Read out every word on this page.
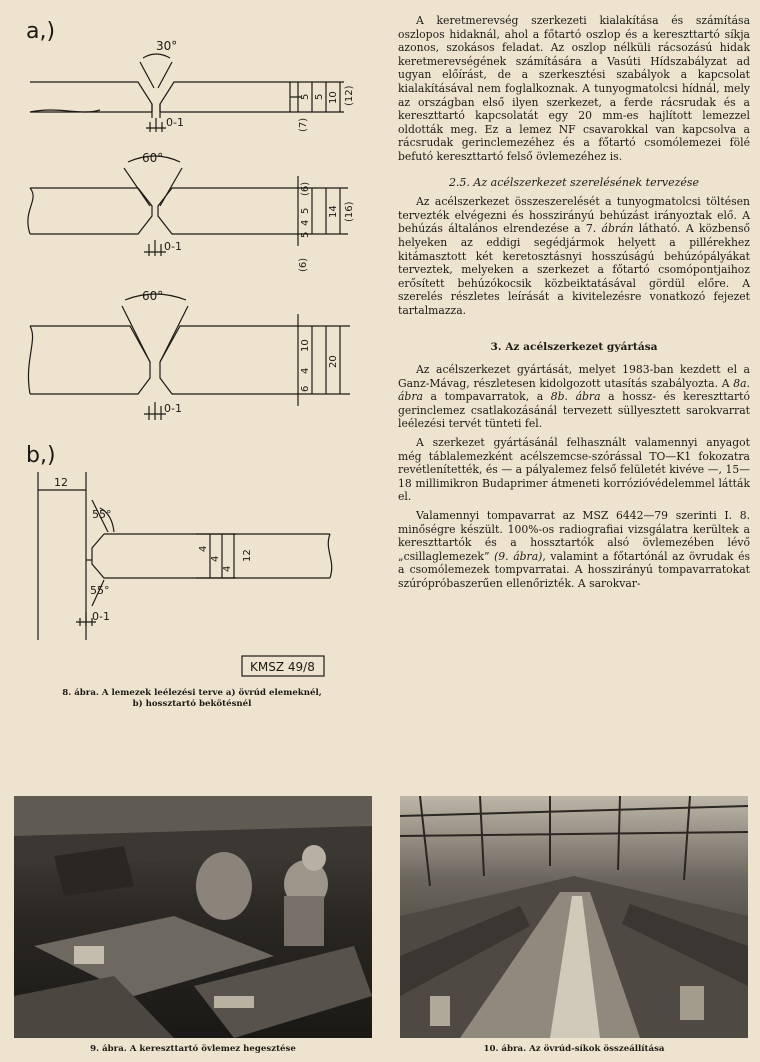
a,)
30°
0-1	(7)
5 5 10 (12)
60°
0-1
(6)
5
4
5
(6)
14 (16)
60°
0-1
10
4
6
20
b,)
12
55°
55°
0-1
4
4
4
12
KMSZ 49/8
8. ábra. A lemezek leélezési terve a) övrúd elemeknél,
b) hossztartó bekötésnél

A keretmerevség szerkezeti kialakítása és számítása oszlopos hidaknál, ahol a főtartó oszlop és a kereszttartó síkja azonos, szokásos feladat. Az oszlop nélküli rácsozású hidak keretmerevségének számítására a Vasúti Hídszabályzat ad ugyan előírást, de a szerkesztési szabályok a kapcsolat kialakításával nem foglalkoznak. A tunyogmatolcsi hídnál, mely az országban első ilyen szerkezet, a ferde rácsrudak és a kereszttartó kapcsolatát egy 20 mm-es hajlított lemezzel oldották meg. Ez a lemez NF csavarokkal van kapcsolva a rácsrudak gerinclemezéhez és a főtartó csomólemezei fölé befutó kereszttartó felső övlemezéhez is.

2.5. Az acélszerkezet szerelésének tervezése

Az acélszerkezet összeszerelését a tunyogmatolcsi töltésen tervezték elvégezni és hosszirányú behúzást irányoztak elő. A behúzás általános elrendezése a 7. ábrán látható. A közbenső helyeken az eddigi segédjármok helyett a pillérekhez kitámasztott két keretosztásnyi hosszúságú behúzópályákat terveztek, melyeken a szerkezet a főtartó csomópontjaihoz erősített behúzókocsik közbeiktatásával gördül előre. A szerelés részletes leírását a kivitelezésre vonatkozó fejezet tartalmazza.

3. Az acélszerkezet gyártása

Az acélszerkezet gyártását, melyet 1983-ban kezdett el a Ganz-Mávag, részletesen kidolgozott utasítás szabályozta. A 8a. ábra a tompavarratok, a 8b. ábra a hossz- és kereszttartó gerinclemez csatlakozásánál tervezett süllyesztett sarokvarrat leélezési tervét tünteti fel.

A szerkezet gyártásánál felhasznált valamennyi anyagot még táblalemezként acélszemcse-szórással TO—K1 fokozatra revétlenítették, és — a pályalemez felső felületét kivéve —, 15—18 millimikron Budaprimer átmeneti korrózióvédelemmel látták el.

Valamennyi tompavarrat az MSZ 6442—79 szerinti I. 8. minőségre készült. 100%-os radiografiai vizsgálatra kerültek a kereszttartók és a hossztartók alsó övlemezében lévő „csillaglemezek” (9. ábra), valamint a főtartónál az övrudak és a csomólemezek tompvarratai. A hosszirányú tompavarratokat szúrópróbaszerűen ellenőrizték. A sarokvar-

9. ábra. A kereszttartó övlemez hegesztése	10. ábra. Az övrúd-síkok összeállítása
